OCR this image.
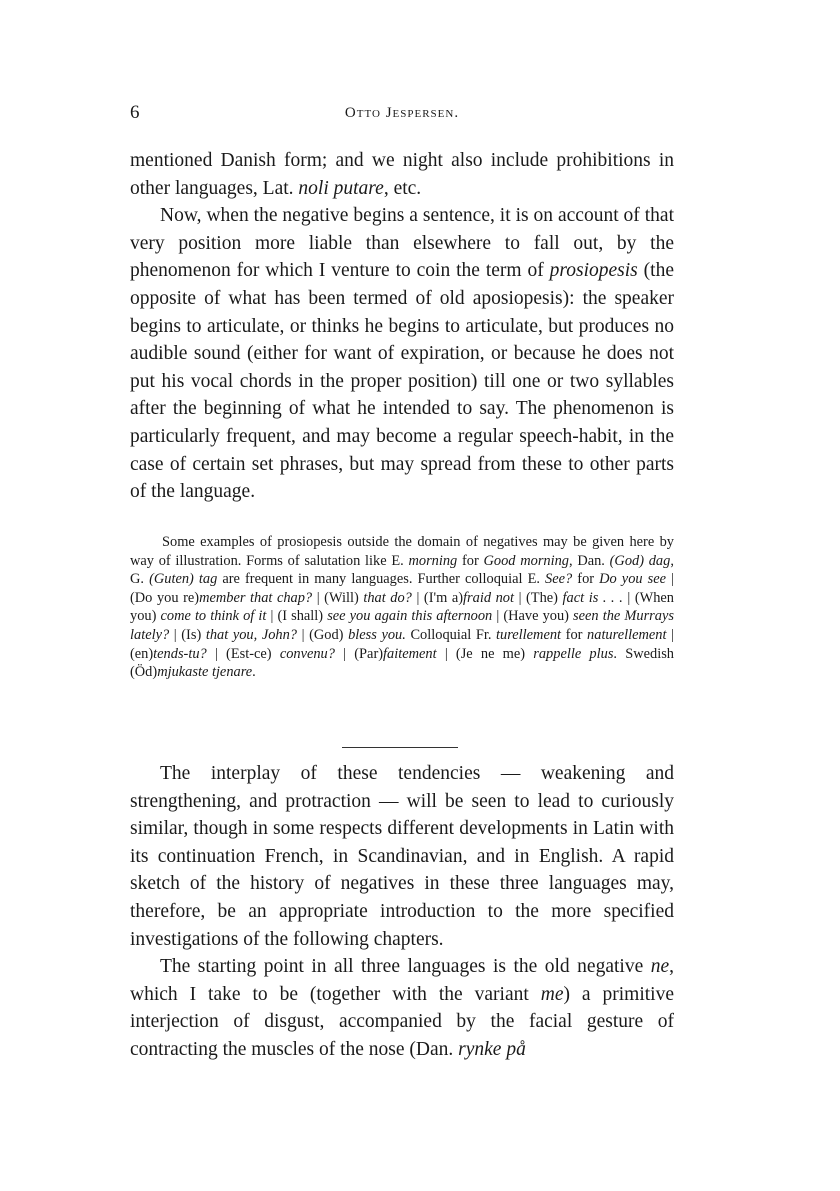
6	Otto Jespersen.

mentioned Danish form; and we night also include prohibitions in other languages, Lat. noli putare, etc.

Now, when the negative begins a sentence, it is on account of that very position more liable than elsewhere to fall out, by the phenomenon for which I venture to coin the term of prosiopesis (the opposite of what has been termed of old aposiopesis): the speaker begins to articulate, or thinks he begins to articulate, but produces no audible sound (either for want of expiration, or because he does not put his vocal chords in the proper position) till one or two syllables after the beginning of what he intended to say. The phenomenon is particularly frequent, and may become a regular speech-habit, in the case of certain set phrases, but may spread from these to other parts of the language.

Some examples of prosiopesis outside the domain of negatives may be given here by way of illustration. Forms of salutation like E. morning for Good morning, Dan. (God) dag, G. (Guten) tag are frequent in many languages. Further colloquial E. See? for Do you see | (Do you re)member that chap? | (Will) that do? | (I'm a)fraid not | (The) fact is . . . | (When you) come to think of it | (I shall) see you again this afternoon | (Have you) seen the Murrays lately? | (Is) that you, John? | (God) bless you. Colloquial Fr. turellement for naturellement | (en)tends-tu? | (Est-ce) convenu? | (Par)faitement | (Je ne me) rappelle plus. Swedish (Öd)mjukaste tjenare.

The interplay of these tendencies — weakening and strengthening, and protraction — will be seen to lead to curiously similar, though in some respects different developments in Latin with its continuation French, in Scandinavian, and in English. A rapid sketch of the history of negatives in these three languages may, therefore, be an appropriate introduction to the more specified investigations of the following chapters.

The starting point in all three languages is the old negative ne, which I take to be (together with the variant me) a primitive interjection of disgust, accompanied by the facial gesture of contracting the muscles of the nose (Dan. rynke på
